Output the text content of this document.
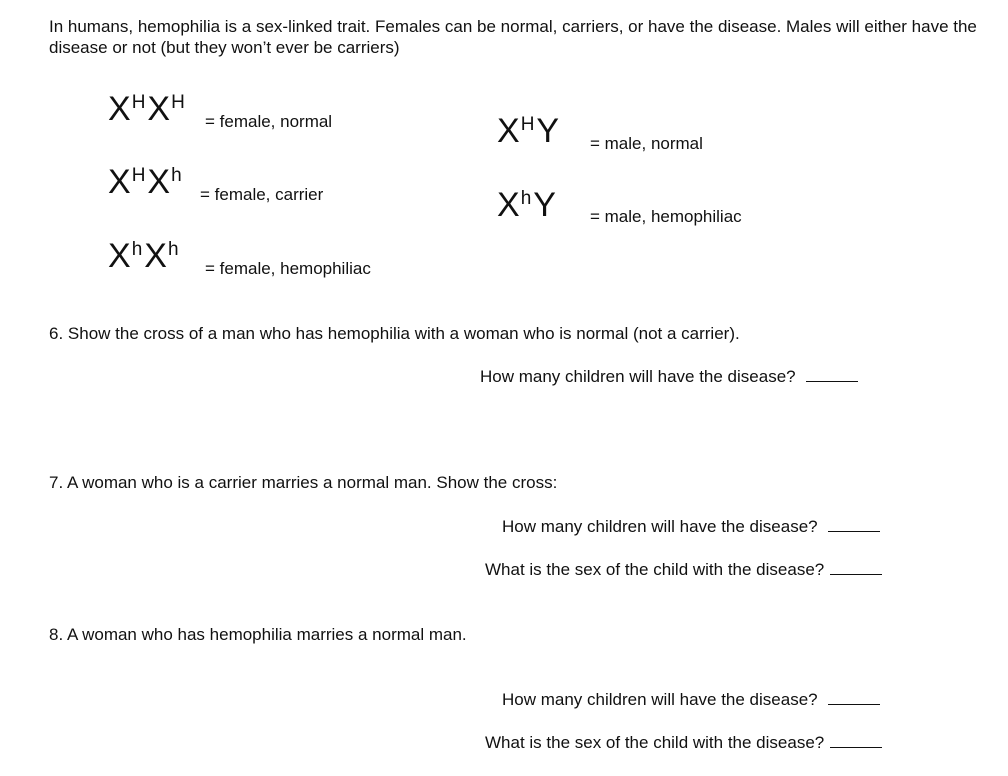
In humans, hemophilia is a sex-linked trait. Females can be normal, carriers, or have the disease. Males will either have the disease or not (but they won’t ever be carriers)
$X^HX^H$
= female, normal
$X^HX^h$
= female, carrier
$X^hX^h$
= female, hemophiliac
$X^HY$ = male, normal
$X^hY$ = male, hemophiliac
6. Show the cross of a man who has hemophilia with a woman who is normal (not a carrier).
How many children will have the disease?
7. A woman who is a carrier marries a normal man. Show the cross:
How many children will have the disease?
What is the sex of the child with the disease?
8. A woman who has hemophilia marries a normal man.
How many children will have the disease?
What is the sex of the child with the disease?
